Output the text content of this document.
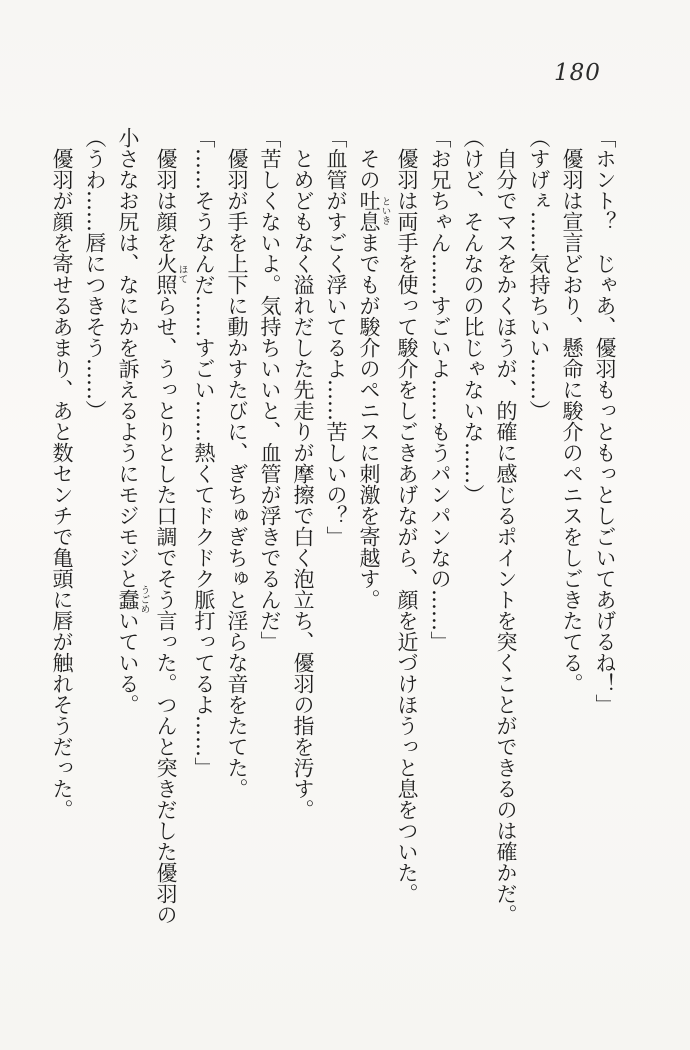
180

「ホント？　じゃあ、優羽もっともっとしごいてあげるね！」

優羽は宣言どおり、懸命に駿介のペニスをしごきたてる。

（すげぇ……気持ちいい……）

自分でマスをかくほうが、的確に感じるポイントを突くことができるのは確かだ。

（けど、そんなのの比じゃないな……）

「お兄ちゃん……すごいよ……もうパンパンなの……」

優羽は両手を使って駿介をしごきあげながら、顔を近づけほうっと息をついた。

その吐息といきまでもが駿介のペニスに刺激を寄越す。

「血管がすごく浮いてるよ……苦しいの？」

とめどもなく溢れだした先走りが摩擦で白く泡立ち、優羽の指を汚す。

「苦しくないよ。気持ちいいと、血管が浮きでるんだ」

優羽が手を上下に動かすたびに、ぎちゅぎちゅと淫らな音をたてた。

「……そうなんだ……すごい……熱くてドクドク脈打ってるよ……」

優羽は顔を火照ほてらせ、うっとりとした口調でそう言った。つんと突きだした優羽の

小さなお尻は、なにかを訴えるようにモジモジと蠢うごめいている。

（うわ……唇につきそう……）

優羽が顔を寄せるあまり、あと数センチで亀頭に唇が触れそうだった。
